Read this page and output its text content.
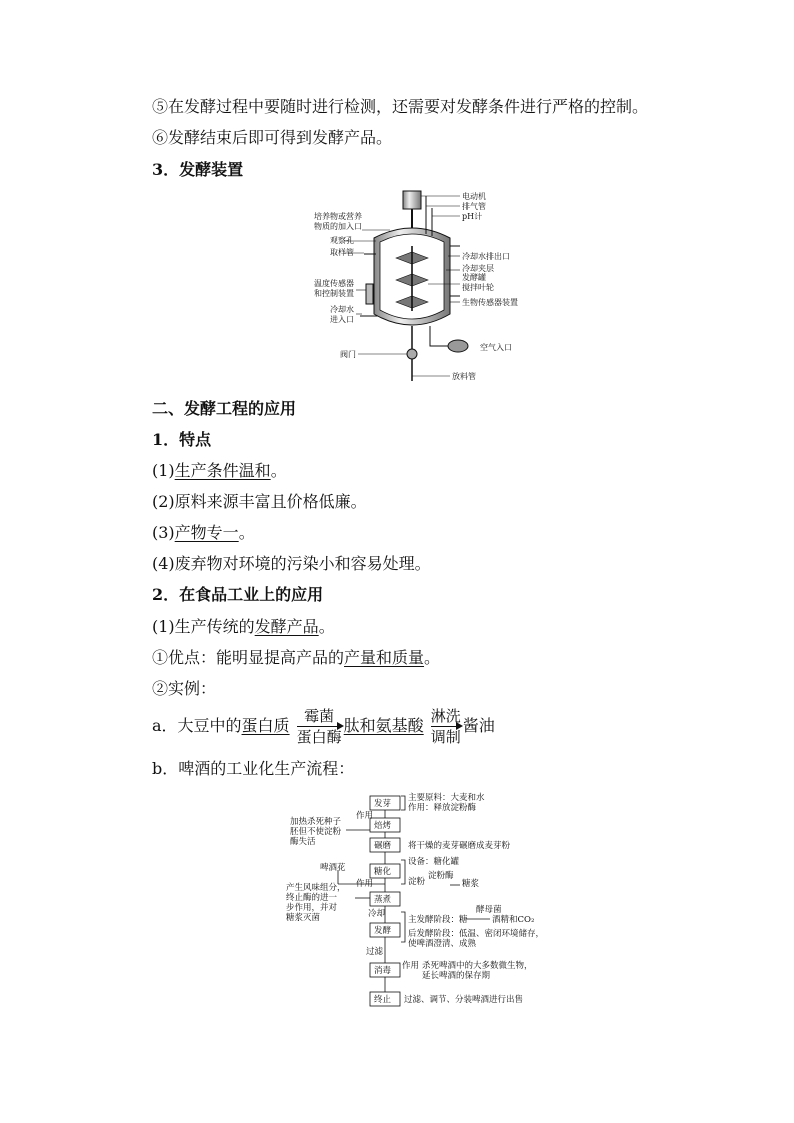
⑤在发酵过程中要随时进行检测，还需要对发酵条件进行严格的控制。
⑥发酵结束后即可得到发酵产品。
3．发酵装置
电动机
排气管
pH计
培养物或营养
物质的加入口
观察孔
取样管	冷却水排出口
冷却夹层
发酵罐
搅拌叶轮
生物传感器装置
温度传感器
和控制装置
冷却水
进入口
空气入口
阀门
放料管
二、发酵工程的应用
1．特点
(1)生产条件温和。
(2)原料来源丰富且价格低廉。
(3)产物专一。
(4)废弃物对环境的污染小和容易处理。
2．在食品工业上的应用
(1)生产传统的发酵产品。
①优点：能明显提高产品的产量和质量。
②实例：
a．大豆中的蛋白质 霉菌
蛋白酶
肽和氨基酸 淋洗
调制
酱油
b．啤酒的工业化生产流程：
发芽
焙烤
碾磨
糖化
蒸煮
发酵
消毒
终止
主要原料：大麦和水
作用：释放淀粉酶
加热杀死种子
胚但不使淀粉
酶失活
作用
将干燥的麦芽碾磨成麦芽粉
设备：糖化罐
淀粉
淀粉酶
糖浆
啤酒花
产生风味组分，
终止酶的进一
步作用，并对
糖浆灭菌
作用
冷却	酵母菌
主发酵阶段：糖	酒精和CO₂
后发酵阶段：低温、密闭环境储存，
使啤酒澄清、成熟
过滤
作用 杀死啤酒中的大多数微生物，
延长啤酒的保存期
过滤、调节、分装啤酒进行出售
